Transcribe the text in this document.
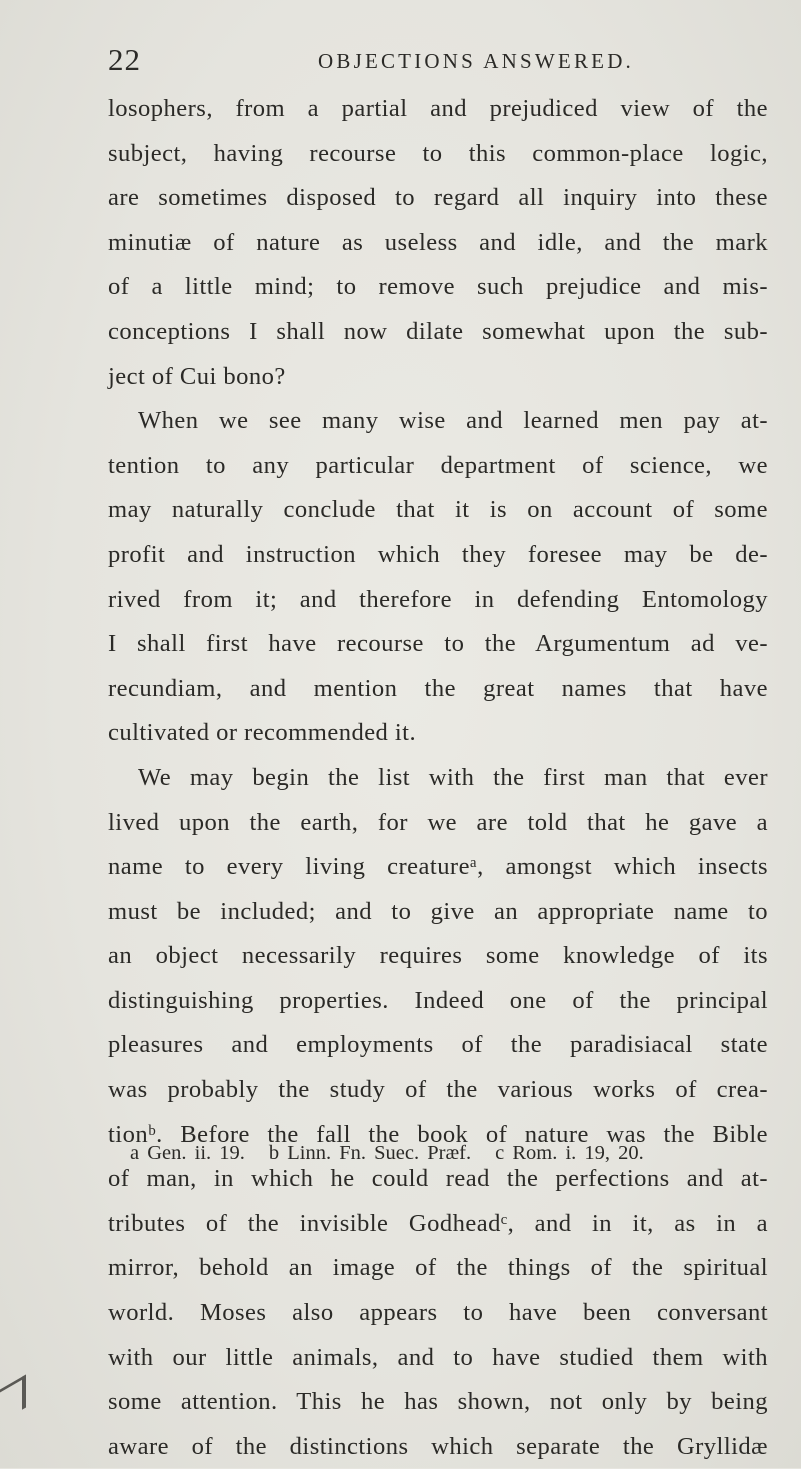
22	OBJECTIONS ANSWERED.
losophers, from a partial and prejudiced view of the
subject, having recourse to this common-place logic,
are sometimes disposed to regard all inquiry into these
minutiæ of nature as useless and idle, and the mark
of a little mind; to remove such prejudice and mis-
conceptions I shall now dilate somewhat upon the sub-
ject of Cui bono?
When we see many wise and learned men pay at-
tention to any particular department of science, we
may naturally conclude that it is on account of some
profit and instruction which they foresee may be de-
rived from it; and therefore in defending Entomology
I shall first have recourse to the Argumentum ad ve-
recundiam, and mention the great names that have
cultivated or recommended it.
We may begin the list with the first man that ever
lived upon the earth, for we are told that he gave a
name to every living creatureᵃ, amongst which insects
must be included; and to give an appropriate name to
an object necessarily requires some knowledge of its
distinguishing properties. Indeed one of the principal
pleasures and employments of the paradisiacal state
was probably the study of the various works of crea-
tionᵇ. Before the fall the book of nature was the Bible
of man, in which he could read the perfections and at-
tributes of the invisible Godheadᶜ, and in it, as in a
mirror, behold an image of the things of the spiritual
world. Moses also appears to have been conversant
with our little animals, and to have studied them with
some attention. This he has shown, not only by being
aware of the distinctions which separate the Gryllidæ
a Gen. ii. 19. b Linn. Fn. Suec. Præf. c Rom. i. 19, 20.
